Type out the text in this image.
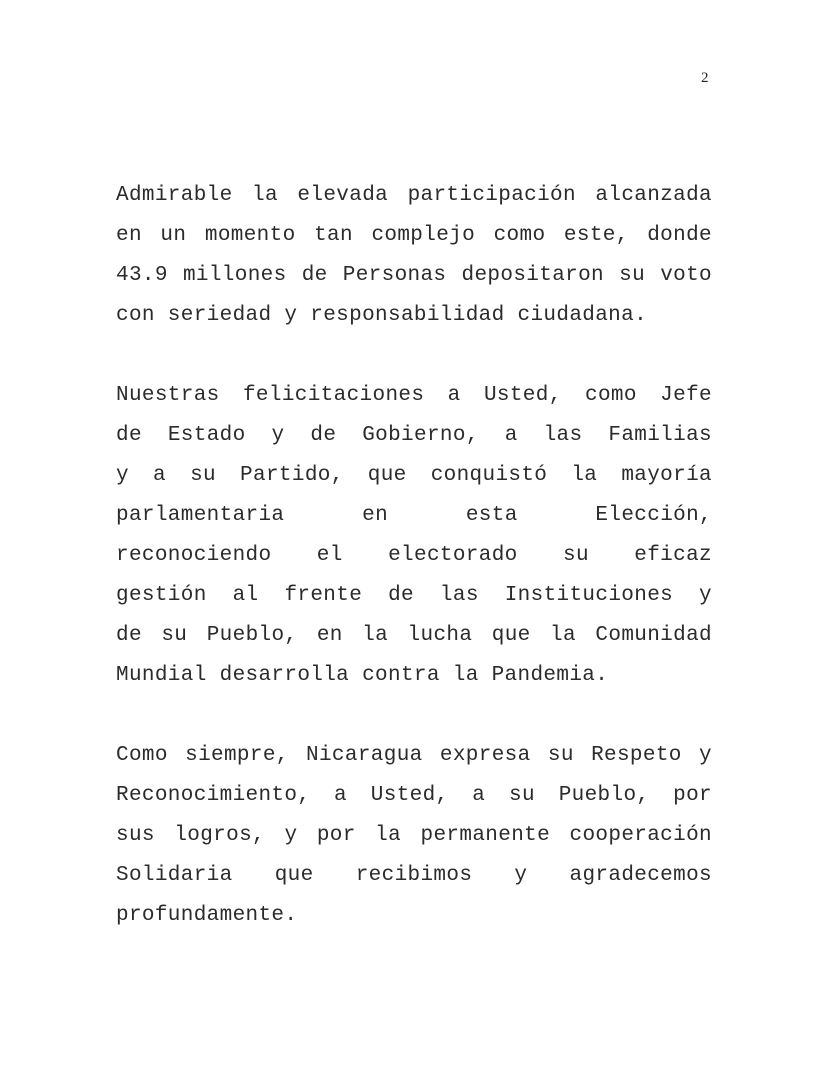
2
Admirable la elevada participación alcanzada
en un momento tan complejo como este, donde
43.9 millones de Personas depositaron su voto
con seriedad y responsabilidad ciudadana.
Nuestras felicitaciones a Usted, como Jefe
de Estado y de Gobierno, a las Familias
y a su Partido, que conquistó la mayoría
parlamentaria en esta Elección,
reconociendo el electorado su eficaz
gestión al frente de las Instituciones y
de su Pueblo, en la lucha que la Comunidad
Mundial desarrolla contra la Pandemia.
Como siempre, Nicaragua expresa su Respeto y
Reconocimiento, a Usted, a su Pueblo, por
sus logros, y por la permanente cooperación
Solidaria que recibimos y agradecemos
profundamente.
